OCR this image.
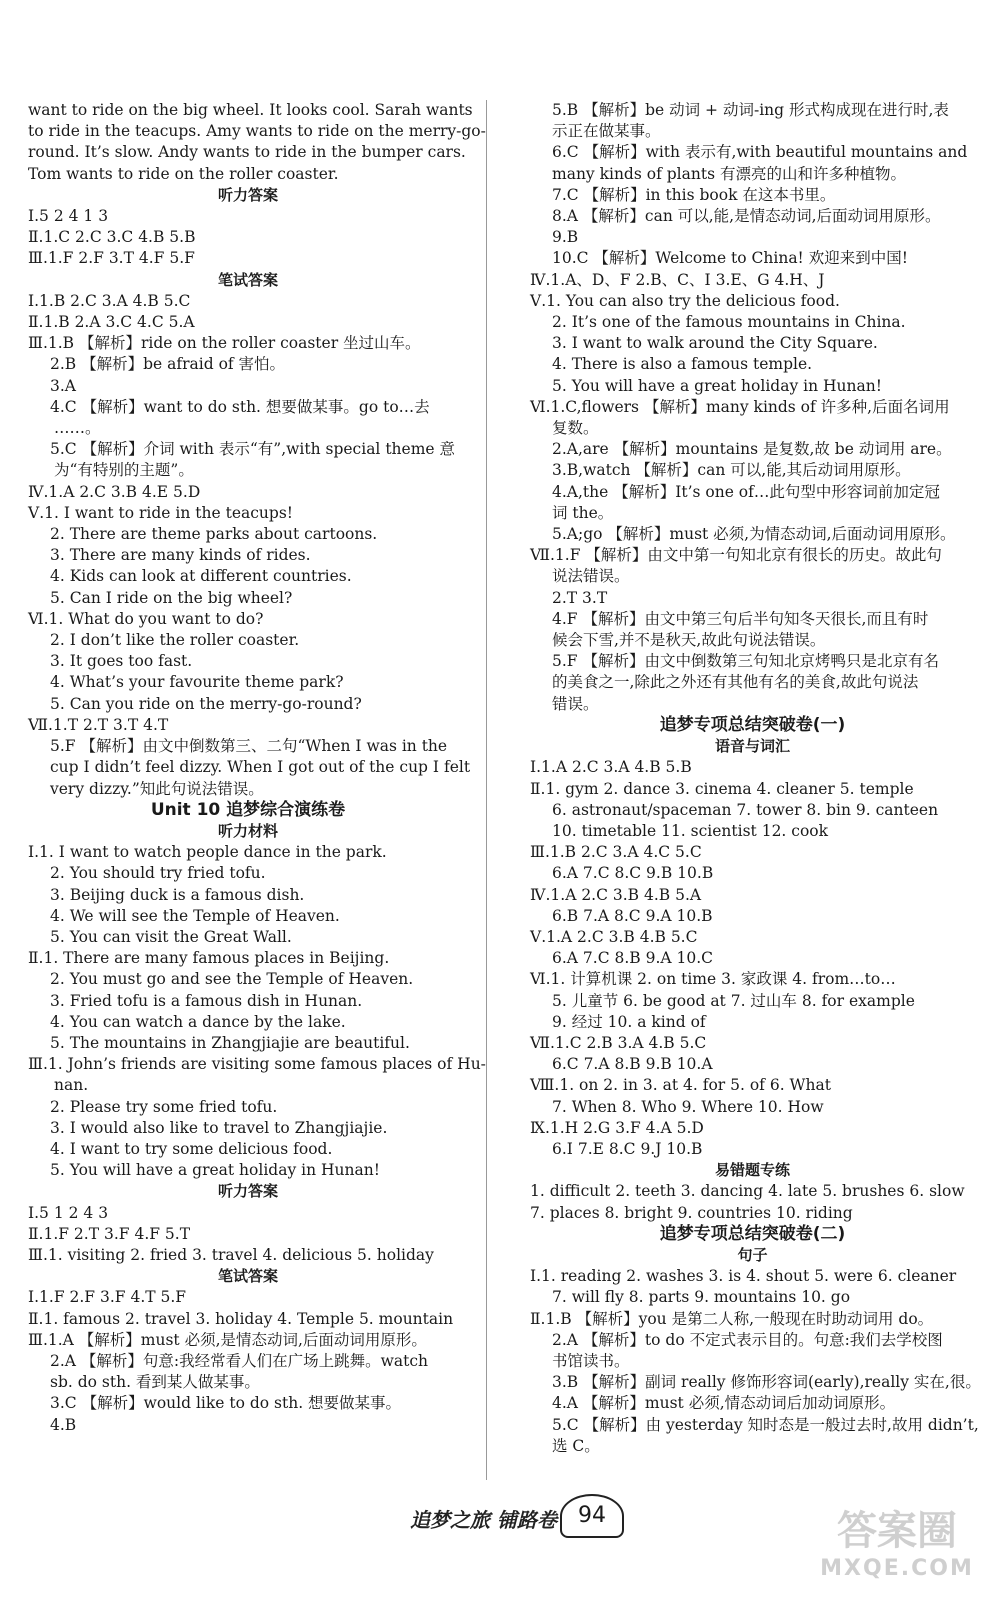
want to ride on the big wheel. It looks cool. Sarah wants
to ride in the teacups. Amy wants to ride on the merry-go-
round. It’s slow. Andy wants to ride in the bumper cars.
Tom wants to ride on the roller coaster.
听力答案
Ⅰ.5 2 4 1 3
Ⅱ.1.C 2.C 3.C 4.B 5.B
Ⅲ.1.F 2.F 3.T 4.F 5.F
笔试答案
Ⅰ.1.B 2.C 3.A 4.B 5.C
Ⅱ.1.B 2.A 3.C 4.C 5.A
Ⅲ.1.B 【解析】ride on the roller coaster 坐过山车。
2.B 【解析】be afraid of 害怕。
3.A
4.C 【解析】want to do sth. 想要做某事。go to…去
……。
5.C 【解析】介词 with 表示“有”,with special theme 意
为“有特别的主题”。
Ⅳ.1.A 2.C 3.B 4.E 5.D
Ⅴ.1. I want to ride in the teacups!
2. There are theme parks about cartoons.
3. There are many kinds of rides.
4. Kids can look at different countries.
5. Can I ride on the big wheel?
Ⅵ.1. What do you want to do?
2. I don’t like the roller coaster.
3. It goes too fast.
4. What’s your favourite theme park?
5. Can you ride on the merry-go-round?
Ⅶ.1.T 2.T 3.T 4.T
5.F 【解析】由文中倒数第三、二句“When I was in the
cup I didn’t feel dizzy. When I got out of the cup I felt
very dizzy.”知此句说法错误。
Unit 10 追梦综合演练卷
听力材料
Ⅰ.1. I want to watch people dance in the park.
2. You should try fried tofu.
3. Beijing duck is a famous dish.
4. We will see the Temple of Heaven.
5. You can visit the Great Wall.
Ⅱ.1. There are many famous places in Beijing.
2. You must go and see the Temple of Heaven.
3. Fried tofu is a famous dish in Hunan.
4. You can watch a dance by the lake.
5. The mountains in Zhangjiajie are beautiful.
Ⅲ.1. John’s friends are visiting some famous places of Hu-
nan.
2. Please try some fried tofu.
3. I would also like to travel to Zhangjiajie.
4. I want to try some delicious food.
5. You will have a great holiday in Hunan!
听力答案
Ⅰ.5 1 2 4 3
Ⅱ.1.F 2.T 3.F 4.F 5.T
Ⅲ.1. visiting 2. fried 3. travel 4. delicious 5. holiday
笔试答案
Ⅰ.1.F 2.F 3.F 4.T 5.F
Ⅱ.1. famous 2. travel 3. holiday 4. Temple 5. mountain
Ⅲ.1.A 【解析】must 必须,是情态动词,后面动词用原形。
2.A 【解析】句意:我经常看人们在广场上跳舞。watch
sb. do sth. 看到某人做某事。
3.C 【解析】would like to do sth. 想要做某事。
4.B
5.B 【解析】be 动词 + 动词-ing 形式构成现在进行时,表
示正在做某事。
6.C 【解析】with 表示有,with beautiful mountains and
many kinds of plants 有漂亮的山和许多种植物。
7.C 【解析】in this book 在这本书里。
8.A 【解析】can 可以,能,是情态动词,后面动词用原形。
9.B
10.C 【解析】Welcome to China! 欢迎来到中国!
Ⅳ.1.A、D、F 2.B、C、I 3.E、G 4.H、J
Ⅴ.1. You can also try the delicious food.
2. It’s one of the famous mountains in China.
3. I want to walk around the City Square.
4. There is also a famous temple.
5. You will have a great holiday in Hunan!
Ⅵ.1.C,flowers 【解析】many kinds of 许多种,后面名词用
复数。
2.A,are 【解析】mountains 是复数,故 be 动词用 are。
3.B,watch 【解析】can 可以,能,其后动词用原形。
4.A,the 【解析】It’s one of…此句型中形容词前加定冠
词 the。
5.A;go 【解析】must 必须,为情态动词,后面动词用原形。
Ⅶ.1.F 【解析】由文中第一句知北京有很长的历史。故此句
说法错误。
2.T 3.T
4.F 【解析】由文中第三句后半句知冬天很长,而且有时
候会下雪,并不是秋天,故此句说法错误。
5.F 【解析】由文中倒数第三句知北京烤鸭只是北京有名
的美食之一,除此之外还有其他有名的美食,故此句说法
错误。
追梦专项总结突破卷(一)
语音与词汇
Ⅰ.1.A 2.C 3.A 4.B 5.B
Ⅱ.1. gym 2. dance 3. cinema 4. cleaner 5. temple
6. astronaut/spaceman 7. tower 8. bin 9. canteen
10. timetable 11. scientist 12. cook
Ⅲ.1.B 2.C 3.A 4.C 5.C
6.A 7.C 8.C 9.B 10.B
Ⅳ.1.A 2.C 3.B 4.B 5.A
6.B 7.A 8.C 9.A 10.B
Ⅴ.1.A 2.C 3.B 4.B 5.C
6.A 7.C 8.B 9.A 10.C
Ⅵ.1. 计算机课 2. on time 3. 家政课 4. from…to…
5. 儿童节 6. be good at 7. 过山车 8. for example
9. 经过 10. a kind of
Ⅶ.1.C 2.B 3.A 4.B 5.C
6.C 7.A 8.B 9.B 10.A
Ⅷ.1. on 2. in 3. at 4. for 5. of 6. What
7. When 8. Who 9. Where 10. How
Ⅸ.1.H 2.G 3.F 4.A 5.D
6.I 7.E 8.C 9.J 10.B
易错题专练
1. difficult 2. teeth 3. dancing 4. late 5. brushes 6. slow
7. places 8. bright 9. countries 10. riding
追梦专项总结突破卷(二)
句子
Ⅰ.1. reading 2. washes 3. is 4. shout 5. were 6. cleaner
7. will fly 8. parts 9. mountains 10. go
Ⅱ.1.B 【解析】you 是第二人称,一般现在时助动词用 do。
2.A 【解析】to do 不定式表示目的。句意:我们去学校图
书馆读书。
3.B 【解析】副词 really 修饰形容词(early),really 实在,很。
4.A 【解析】must 必须,情态动词后加动词原形。
5.C 【解析】由 yesterday 知时态是一般过去时,故用 didn’t,
选 C。
追梦之旅 铺路卷 94	答案圈
MXQE.COM
